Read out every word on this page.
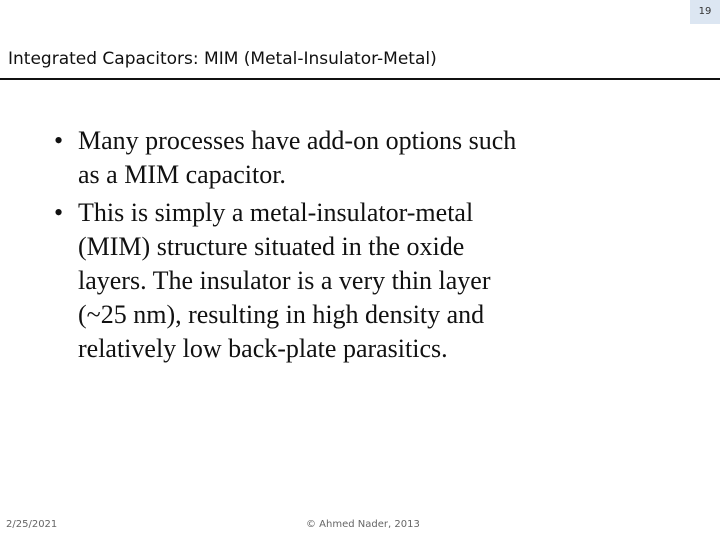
19
Integrated Capacitors: MIM (Metal-Insulator-Metal)
• Many processes have add-on options such
as a MIM capacitor.
• This is simply a metal-insulator-metal
(MIM) structure situated in the oxide
layers. The insulator is a very thin layer
(~25 nm), resulting in high density and
relatively low back-plate parasitics.
2/25/2021	© Ahmed Nader, 2013
